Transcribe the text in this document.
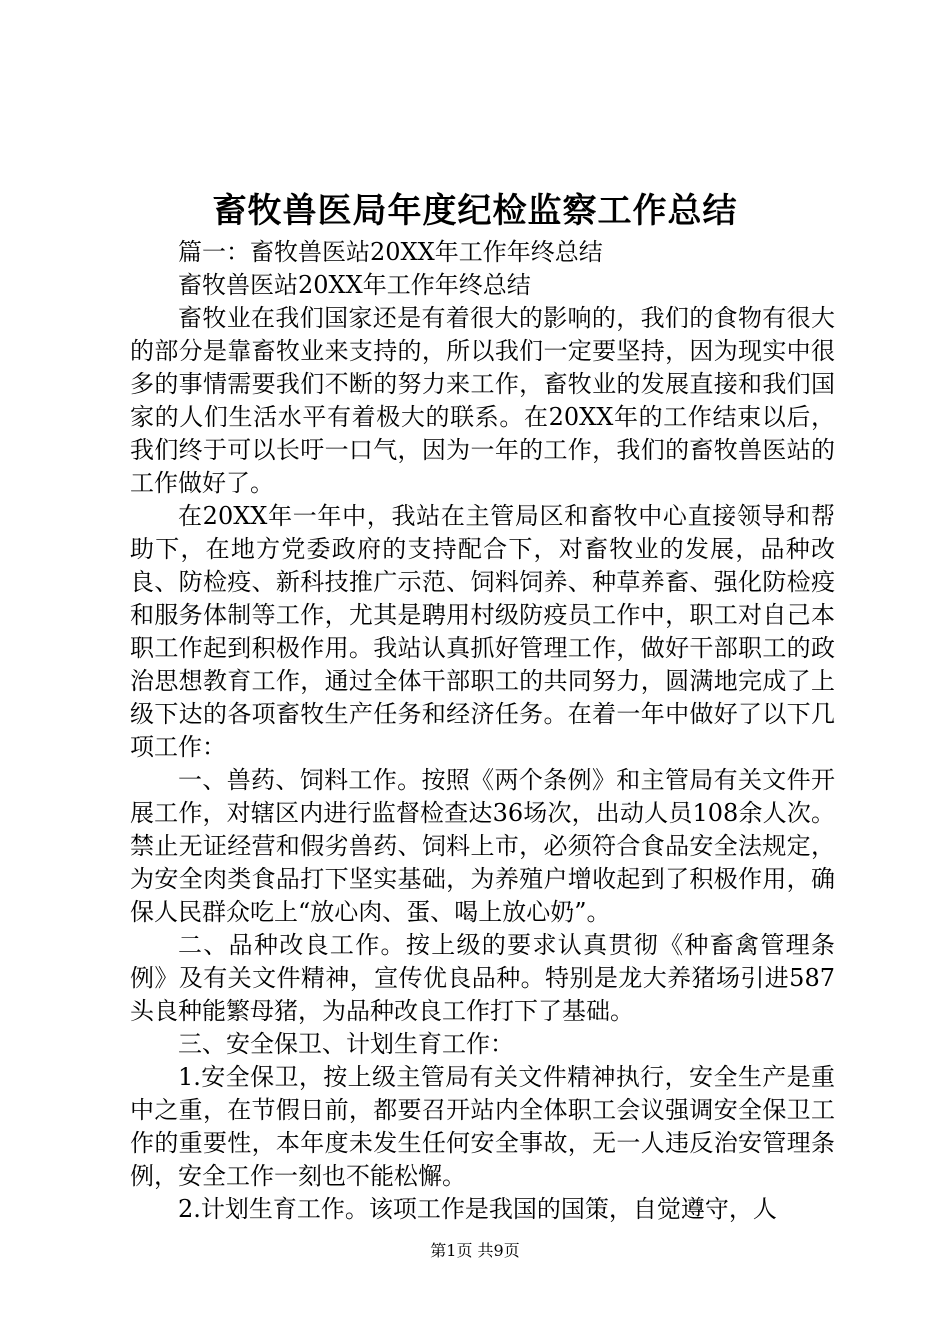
畜牧兽医局年度纪检监察工作总结

篇一：畜牧兽医站20XX年工作年终总结

畜牧兽医站20XX年工作年终总结

畜牧业在我们国家还是有着很大的影响的，我们的食物有很大的部分是靠畜牧业来支持的，所以我们一定要坚持，因为现实中很多的事情需要我们不断的努力来工作，畜牧业的发展直接和我们国家的人们生活水平有着极大的联系。在20XX年的工作结束以后，我们终于可以长吁一口气，因为一年的工作，我们的畜牧兽医站的工作做好了。

在20XX年一年中，我站在主管局区和畜牧中心直接领导和帮助下，在地方党委政府的支持配合下，对畜牧业的发展，品种改良、防检疫、新科技推广示范、饲料饲养、种草养畜、强化防检疫和服务体制等工作，尤其是聘用村级防疫员工作中，职工对自己本职工作起到积极作用。我站认真抓好管理工作，做好干部职工的政治思想教育工作，通过全体干部职工的共同努力，圆满地完成了上级下达的各项畜牧生产任务和经济任务。在着一年中做好了以下几项工作：

一、兽药、饲料工作。按照《两个条例》和主管局有关文件开展工作，对辖区内进行监督检查达36场次，出动人员108余人次。禁止无证经营和假劣兽药、饲料上市，必须符合食品安全法规定，为安全肉类食品打下坚实基础，为养殖户增收起到了积极作用，确保人民群众吃上“放心肉、蛋、喝上放心奶”。

二、品种改良工作。按上级的要求认真贯彻《种畜禽管理条例》及有关文件精神，宣传优良品种。特别是龙大养猪场引进587头良种能繁母猪，为品种改良工作打下了基础。

三、安全保卫、计划生育工作：

1.安全保卫，按上级主管局有关文件精神执行，安全生产是重中之重，在节假日前，都要召开站内全体职工会议强调安全保卫工作的重要性，本年度未发生任何安全事故，无一人违反治安管理条例，安全工作一刻也不能松懈。

2.计划生育工作。该项工作是我国的国策，自觉遵守，人

第1页 共9页
